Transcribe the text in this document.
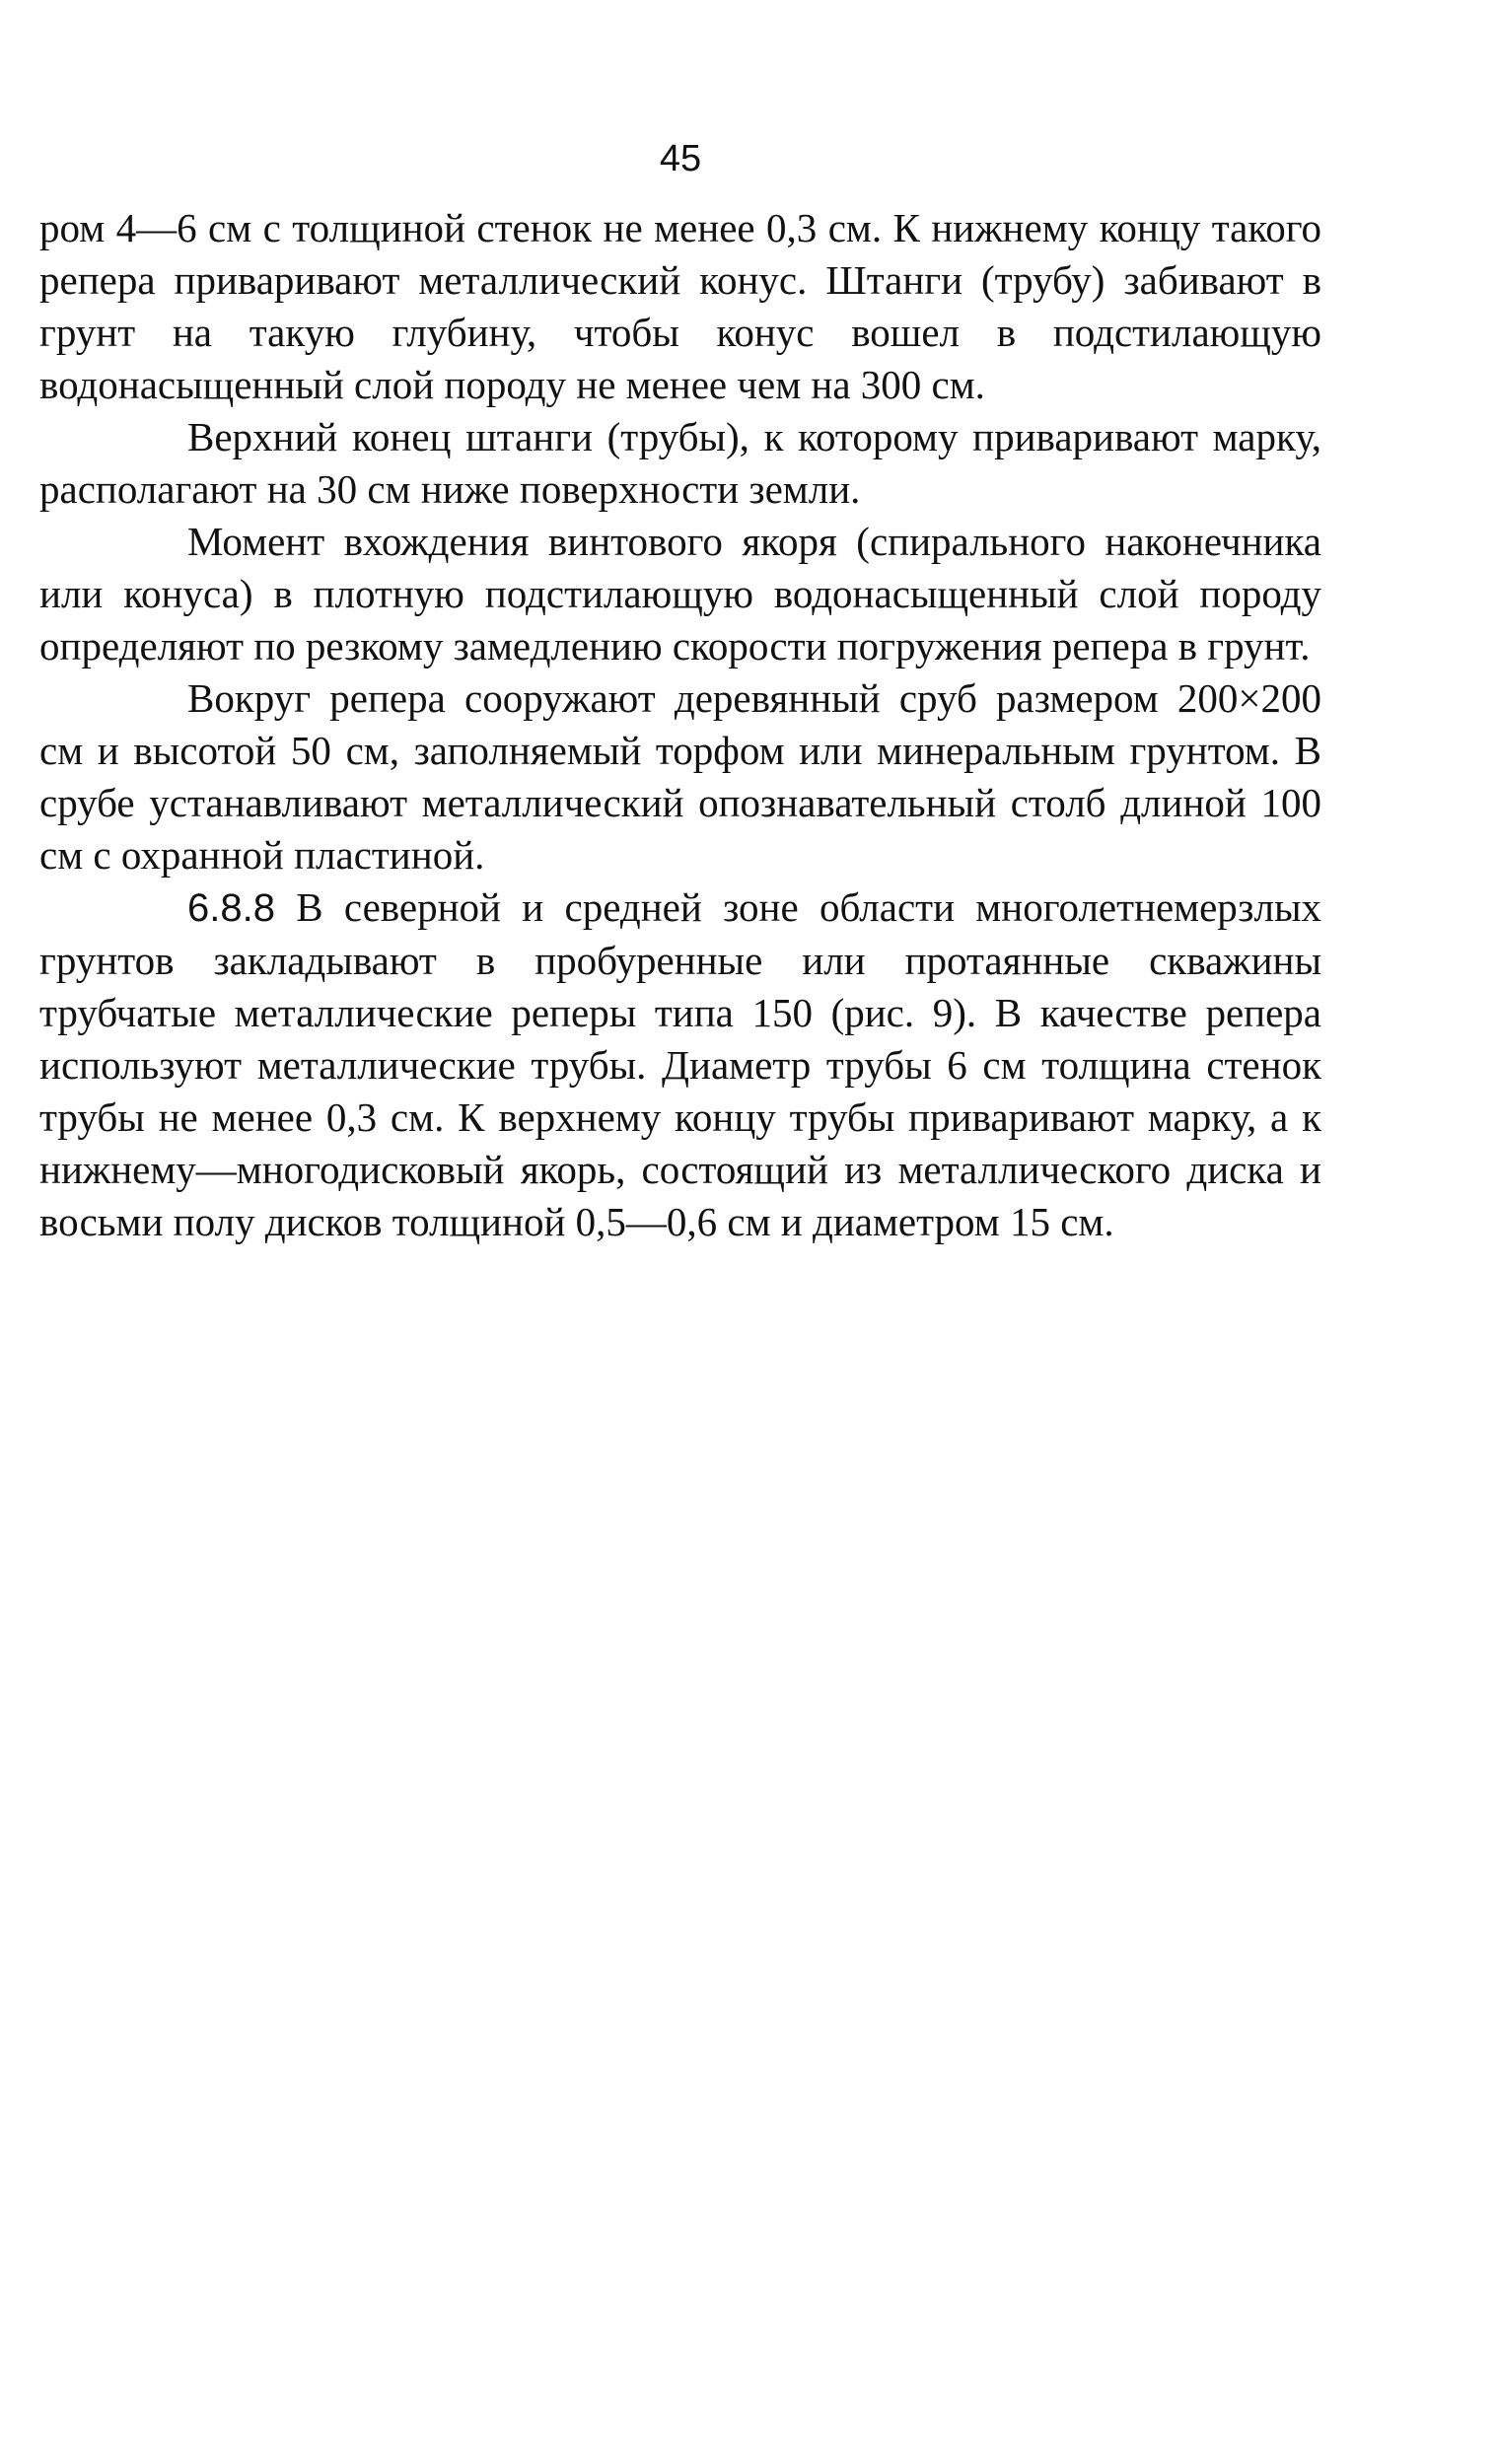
45

ром 4—6 см с толщиной стенок не менее 0,3 см. К нижнему концу такого репера приваривают металлический конус. Штанги (трубу) забивают в грунт на такую глубину, чтобы конус вошел в подстилающую водонасыщенный слой породу не менее чем на 300 см.

Верхний конец штанги (трубы), к которому приваривают марку, располагают на 30 см ниже поверхности земли.

Момент вхождения винтового якоря (спирального наконечника или конуса) в плотную подстилающую водонасыщенный слой породу определяют по резкому замедлению скорости погружения репера в грунт.

Вокруг репера сооружают деревянный сруб размером 200×200 см и высотой 50 см, заполняемый торфом или минеральным грунтом. В срубе устанавливают металлический опознавательный столб длиной 100 см с охранной пластиной.

6.8.8 В северной и средней зоне области многолетнемерзлых грунтов закладывают в пробуренные или протаянные скважины трубчатые металлические реперы типа 150 (рис. 9). В качестве репера используют металлические трубы. Диаметр трубы 6 см толщина стенок трубы не менее 0,3 см. К верхнему концу трубы приваривают марку, а к нижнему—многодисковый якорь, состоящий из металлического диска и восьми полу дисков толщиной 0,5—0,6 см и диаметром 15 см.
